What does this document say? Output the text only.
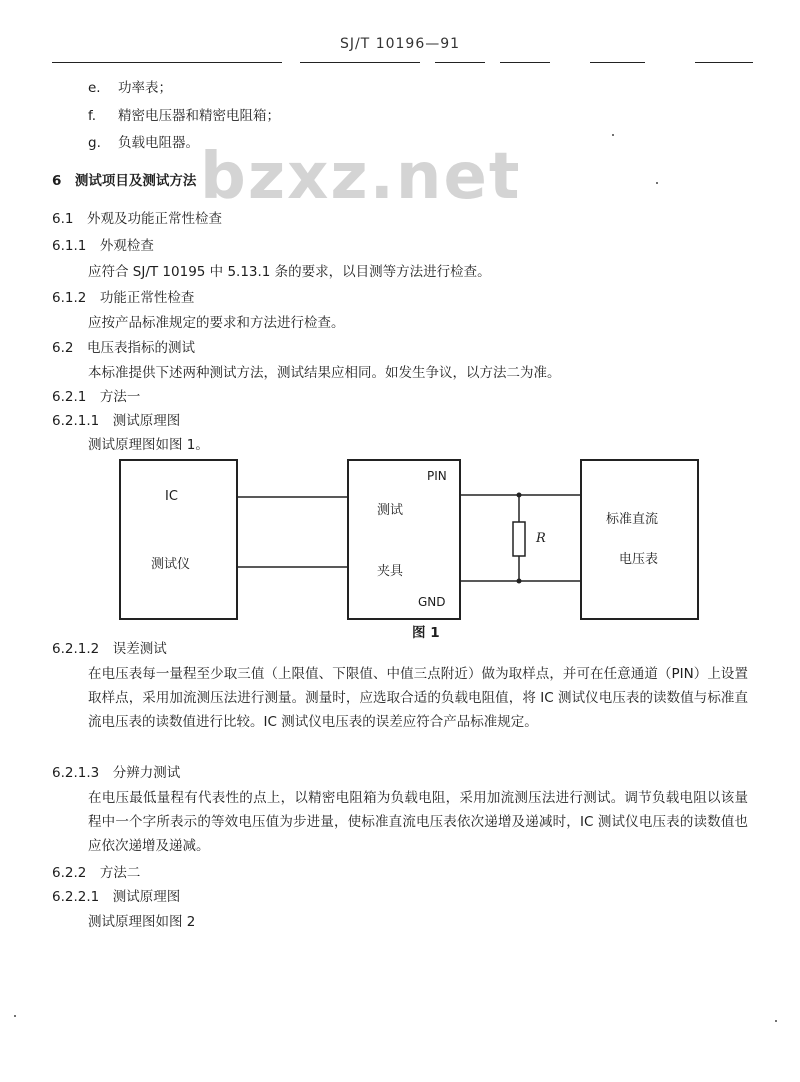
SJ/T 10196—91
bzxz.net
e. 功率表；
f. 精密电压器和精密电阻箱；
g. 负载电阻器。
6　测试项目及测试方法
6.1　外观及功能正常性检查
6.1.1　外观检查
应符合 SJ/T 10195 中 5.13.1 条的要求，以目测等方法进行检查。
6.1.2　功能正常性检查
应按产品标准规定的要求和方法进行检查。
6.2　电压表指标的测试
本标准提供下述两种测试方法，测试结果应相同。如发生争议，以方法二为准。
6.2.1　方法一
6.2.1.1　测试原理图
测试原理图如图 1。
IC
测试仪
PIN
测试
夹具
GND
R
标准直流
电压表
图 1
6.2.1.2　误差测试
在电压表每一量程至少取三值（上限值、下限值、中值三点附近）做为取样点，并可在任意通道（PIN）上设置取样点，采用加流测压法进行测量。测量时，应选取合适的负载电阻值，将 IC 测试仪电压表的读数值与标准直流电压表的读数值进行比较。IC 测试仪电压表的误差应符合产品标准规定。
6.2.1.3　分辨力测试
在电压最低量程有代表性的点上，以精密电阻箱为负载电阻，采用加流测压法进行测试。调节负载电阻以该量程中一个字所表示的等效电压值为步进量，使标准直流电压表依次递增及递减时，IC 测试仪电压表的读数值也应依次递增及递减。
6.2.2　方法二
6.2.2.1　测试原理图
测试原理图如图 2
